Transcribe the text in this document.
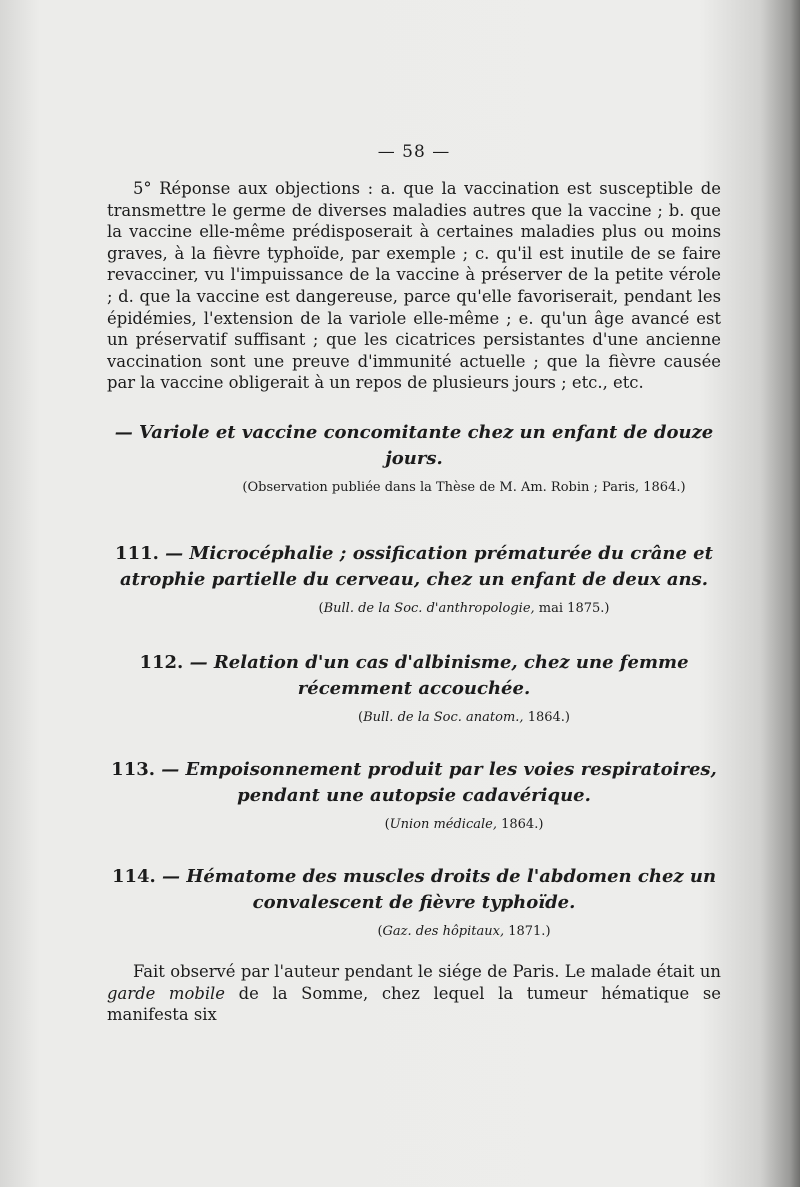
— 58 —

5° Réponse aux objections : a. que la vaccination est susceptible de transmettre le germe de diverses maladies autres que la vaccine ; b. que la vaccine elle-même prédisposerait à certaines maladies plus ou moins graves, à la fièvre typhoïde, par exemple ; c. qu'il est inutile de se faire revacciner, vu l'impuissance de la vaccine à préserver de la petite vérole ; d. que la vaccine est dangereuse, parce qu'elle favoriserait, pendant les épidémies, l'extension de la variole elle-même ; e. qu'un âge avancé est un préservatif suffisant ; que les cicatrices persistantes d'une ancienne vaccination sont une preuve d'immunité actuelle ; que la fièvre causée par la vaccine obligerait à un repos de plusieurs jours ; etc., etc.

— Variole et vaccine concomitante chez un enfant de douze jours.

(Observation publiée dans la Thèse de M. Am. Robin ; Paris, 1864.)

111. — Microcéphalie ; ossification prématurée du crâne et atrophie partielle du cerveau, chez un enfant de deux ans.

(Bull. de la Soc. d'anthropologie, mai 1875.)

112. — Relation d'un cas d'albinisme, chez une femme récemment accouchée.

(Bull. de la Soc. anatom., 1864.)

113. — Empoisonnement produit par les voies respiratoires, pendant une autopsie cadavérique.

(Union médicale, 1864.)

114. — Hématome des muscles droits de l'abdomen chez un convalescent de fièvre typhoïde.

(Gaz. des hôpitaux, 1871.)

Fait observé par l'auteur pendant le siége de Paris. Le malade était un garde mobile de la Somme, chez lequel la tumeur hématique se manifesta six
